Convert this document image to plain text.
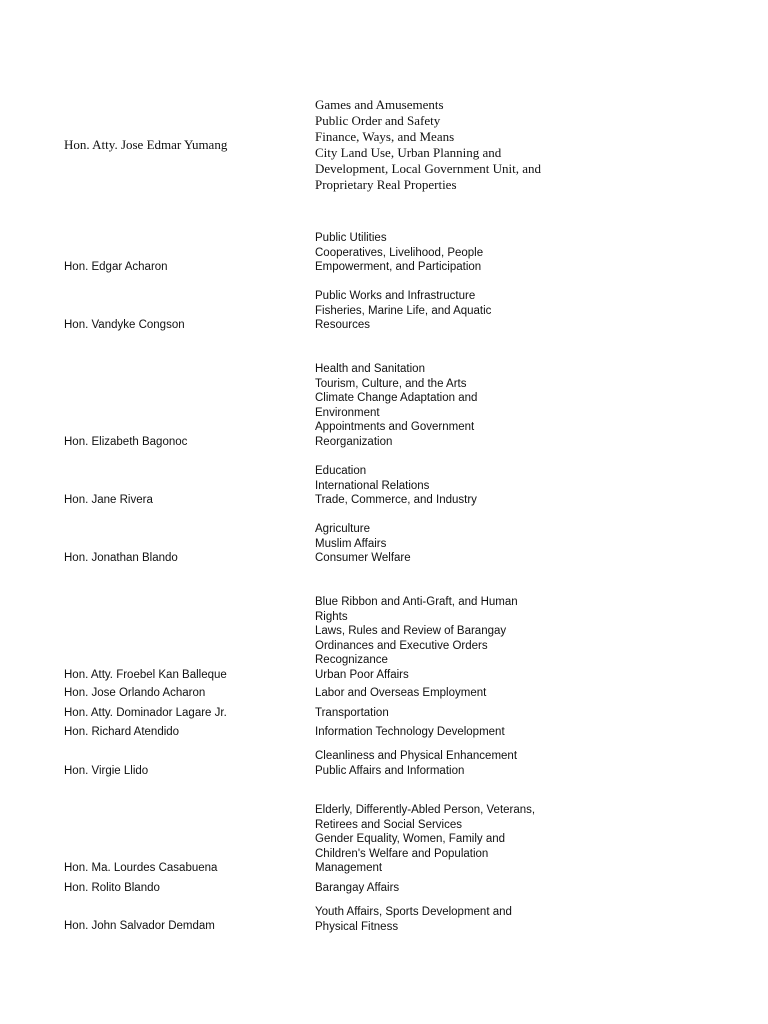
Hon. Atty. Jose Edmar Yumang
Games and Amusements
Public Order and Safety
Finance, Ways, and Means
City Land Use, Urban Planning and
Development, Local Government Unit, and
Proprietary Real Properties
Hon. Edgar Acharon
Public Utilities
Cooperatives, Livelihood, People
Empowerment, and Participation
Hon. Vandyke Congson
Public Works and Infrastructure
Fisheries, Marine Life, and Aquatic
Resources
Hon. Elizabeth Bagonoc
Health and Sanitation
Tourism, Culture, and the Arts
Climate Change Adaptation and
Environment
Appointments and Government
Reorganization
Hon. Jane Rivera
Education
International Relations
Trade, Commerce, and Industry
Hon. Jonathan Blando
Agriculture
Muslim Affairs
Consumer Welfare
Hon. Atty. Froebel Kan Balleque
Blue Ribbon and Anti-Graft, and Human
Rights
Laws, Rules and Review of Barangay
Ordinances and Executive Orders
Recognizance
Urban Poor Affairs
Hon. Jose Orlando Acharon	Labor and Overseas Employment
Hon. Atty. Dominador Lagare Jr.	Transportation
Hon. Richard Atendido	Information Technology Development
Hon. Virgie Llido
Cleanliness and Physical Enhancement
Public Affairs and Information
Hon. Ma. Lourdes Casabuena
Elderly, Differently-Abled Person, Veterans,
Retirees and Social Services
Gender Equality, Women, Family and
Children's Welfare and Population
Management
Hon. Rolito Blando	Barangay Affairs
Hon. John Salvador Demdam
Youth Affairs, Sports Development and
Physical Fitness
